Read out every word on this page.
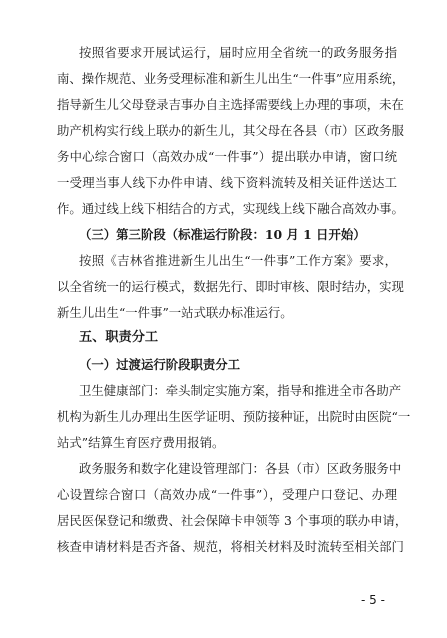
按照省要求开展试运行，届时应用全省统一的政务服务指
南、操作规范、业务受理标准和新生儿出生“一件事”应用系统，
指导新生儿父母登录吉事办自主选择需要线上办理的事项，未在
助产机构实行线上联办的新生儿，其父母在各县（市）区政务服
务中心综合窗口（高效办成“一件事”）提出联办申请，窗口统
一受理当事人线下办件申请、线下资料流转及相关证件送达工
作。通过线上线下相结合的方式，实现线上线下融合高效办事。
（三）第三阶段（标准运行阶段：10 月 1 日开始）
按照《吉林省推进新生儿出生“一件事”工作方案》要求，
以全省统一的运行模式，数据先行、即时审核、限时结办，实现
新生儿出生“一件事”一站式联办标准运行。
五、职责分工
（一）过渡运行阶段职责分工
卫生健康部门：牵头制定实施方案，指导和推进全市各助产
机构为新生儿办理出生医学证明、预防接种证，出院时由医院“一
站式”结算生育医疗费用报销。
政务服务和数字化建设管理部门：各县（市）区政务服务中
心设置综合窗口（高效办成“一件事”），受理户口登记、办理
居民医保登记和缴费、社会保障卡申领等 3 个事项的联办申请，
核查申请材料是否齐备、规范，将相关材料及时流转至相关部门
- 5 -
